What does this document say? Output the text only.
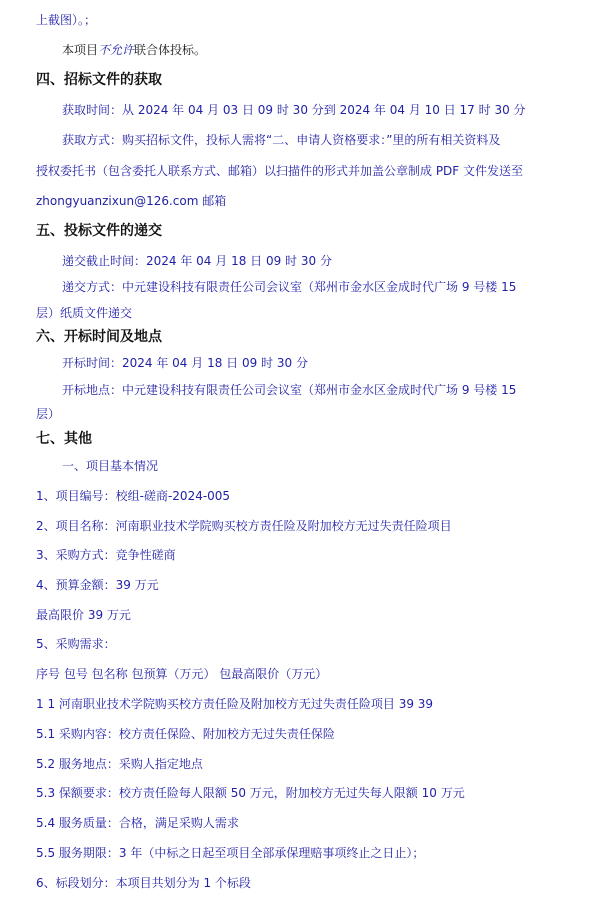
上截图）。；
本项目不允许联合体投标。
四、招标文件的获取
获取时间：从 2024 年 04 月 03 日 09 时 30 分到 2024 年 04 月 10 日 17 时 30 分
获取方式：购买招标文件，投标人需将“二、申请人资格要求：”里的所有相关资料及
授权委托书（包含委托人联系方式、邮箱）以扫描件的形式并加盖公章制成 PDF 文件发送至
zhongyuanzixun@126.com 邮箱
五、投标文件的递交
递交截止时间：2024 年 04 月 18 日 09 时 30 分
递交方式：中元建设科技有限责任公司会议室（郑州市金水区金成时代广场 9 号楼 15
层）纸质文件递交
六、开标时间及地点
开标时间：2024 年 04 月 18 日 09 时 30 分
开标地点：中元建设科技有限责任公司会议室（郑州市金水区金成时代广场 9 号楼 15
层）
七、其他
一、项目基本情况
1、项目编号：校组-磋商-2024-005
2、项目名称：河南职业技术学院购买校方责任险及附加校方无过失责任险项目
3、采购方式：竞争性磋商
4、预算金额：39 万元
最高限价 39 万元
5、采购需求：
序号 包号 包名称 包预算（万元） 包最高限价（万元）
1 1 河南职业技术学院购买校方责任险及附加校方无过失责任险项目 39 39
5.1 采购内容：校方责任保险、附加校方无过失责任保险
5.2 服务地点：采购人指定地点
5.3 保额要求：校方责任险每人限额 50 万元，附加校方无过失每人限额 10 万元
5.4 服务质量：合格，满足采购人需求
5.5 服务期限：3 年（中标之日起至项目全部承保理赔事项终止之日止）；
6、标段划分：本项目共划分为 1 个标段
